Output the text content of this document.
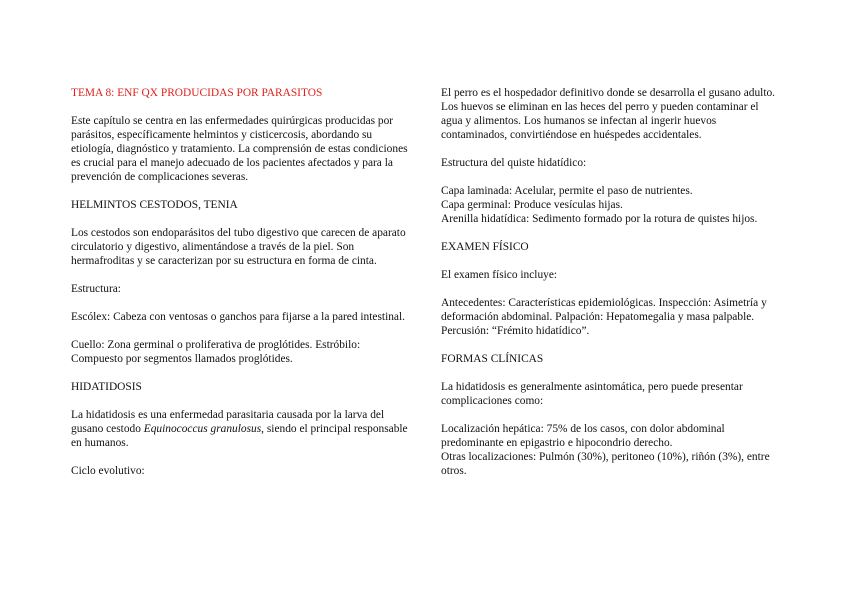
TEMA 8: ENF QX PRODUCIDAS POR PARASITOS

Este capítulo se centra en las enfermedades quirúrgicas producidas por parásitos, específicamente helmintos y cisticercosis, abordando su etiología, diagnóstico y tratamiento. La comprensión de estas condiciones es crucial para el manejo adecuado de los pacientes afectados y para la prevención de complicaciones severas.

HELMINTOS CESTODOS, TENIA

Los cestodos son endoparásitos del tubo digestivo que carecen de aparato circulatorio y digestivo, alimentándose a través de la piel. Son hermafroditas y se caracterizan por su estructura en forma de cinta.

Estructura:

Escólex: Cabeza con ventosas o ganchos para fijarse a la pared intestinal.

Cuello: Zona germinal o proliferativa de proglótides. Estróbilo: Compuesto por segmentos llamados proglótides.

HIDATIDOSIS

La hidatidosis es una enfermedad parasitaria causada por la larva del gusano cestodo Equinococcus granulosus, siendo el principal responsable en humanos.

Ciclo evolutivo:

El perro es el hospedador definitivo donde se desarrolla el gusano adulto.
Los huevos se eliminan en las heces del perro y pueden contaminar el agua y alimentos. Los humanos se infectan al ingerir huevos contaminados, convirtiéndose en huéspedes accidentales.

Estructura del quiste hidatídico:

Capa laminada: Acelular, permite el paso de nutrientes.
Capa germinal: Produce vesículas hijas.
Arenilla hidatídica: Sedimento formado por la rotura de quistes hijos.

EXAMEN FÍSICO

El examen físico incluye:

Antecedentes: Características epidemiológicas. Inspección: Asimetría y deformación abdominal. Palpación: Hepatomegalia y masa palpable. Percusión: “Frémito hidatídico”.

FORMAS CLÍNICAS

La hidatidosis es generalmente asintomática, pero puede presentar complicaciones como:

Localización hepática: 75% de los casos, con dolor abdominal predominante en epigastrio e hipocondrio derecho.
Otras localizaciones: Pulmón (30%), peritoneo (10%), riñón (3%), entre otros.
